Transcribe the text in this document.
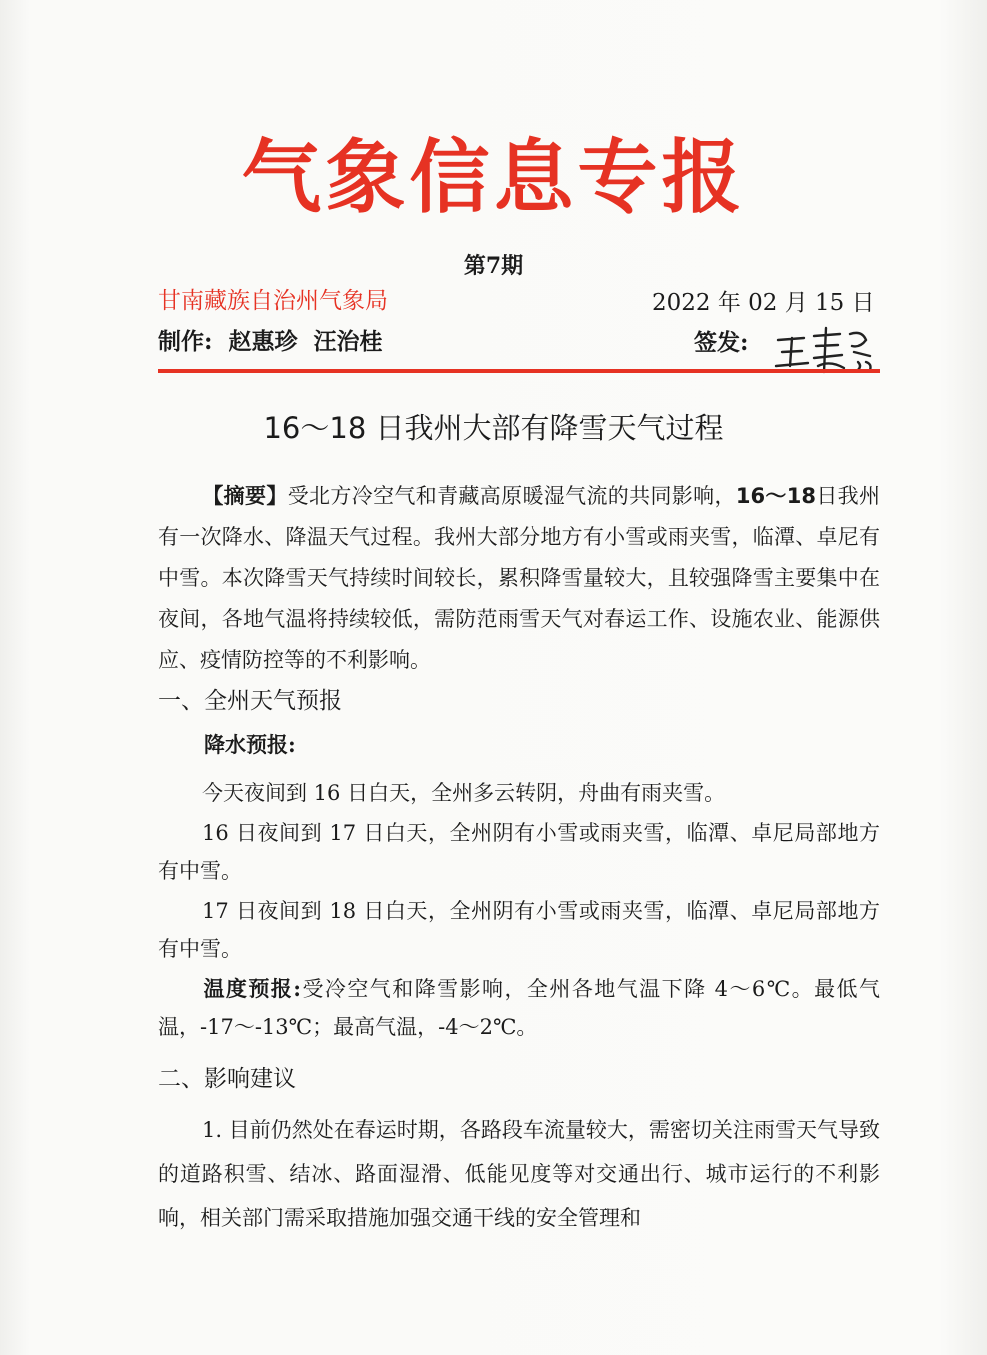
气象信息专报
第7期
甘南藏族自治州气象局	2022 年 02 月 15 日
制作: 赵惠珍 汪治桂	签发:
16～18 日我州大部有降雪天气过程
【摘要】受北方冷空气和青藏高原暖湿气流的共同影响，16～18日我州有一次降水、降温天气过程。我州大部分地方有小雪或雨夹雪，临潭、卓尼有中雪。本次降雪天气持续时间较长，累积降雪量较大，且较强降雪主要集中在夜间，各地气温将持续较低，需防范雨雪天气对春运工作、设施农业、能源供应、疫情防控等的不利影响。
一、全州天气预报
降水预报:
今天夜间到 16 日白天，全州多云转阴，舟曲有雨夹雪。
16 日夜间到 17 日白天，全州阴有小雪或雨夹雪，临潭、卓尼局部地方有中雪。
17 日夜间到 18 日白天，全州阴有小雪或雨夹雪，临潭、卓尼局部地方有中雪。
温度预报:受冷空气和降雪影响，全州各地气温下降 4～6℃。最低气温，-17～-13℃；最高气温，-4～2℃。
二、影响建议
1. 目前仍然处在春运时期，各路段车流量较大，需密切关注雨雪天气导致的道路积雪、结冰、路面湿滑、低能见度等对交通出行、城市运行的不利影响，相关部门需采取措施加强交通干线的安全管理和
